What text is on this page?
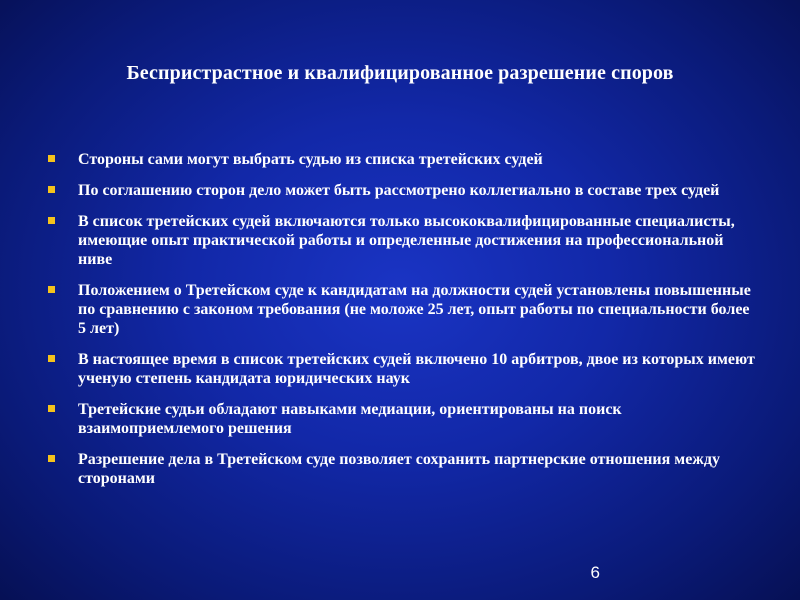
Беспристрастное и квалифицированное разрешение споров
Стороны сами могут выбрать судью из списка третейских судей
По соглашению сторон дело может быть рассмотрено коллегиально в составе трех судей
В список третейских судей включаются только высококвалифицированные специалисты, имеющие опыт практической работы и определенные достижения на профессиональной ниве
Положением о Третейском суде к кандидатам на должности судей установлены повышенные по сравнению с законом требования (не моложе 25 лет, опыт работы по специальности более 5 лет)
В настоящее время в список третейских судей включено 10 арбитров, двое из которых имеют ученую степень кандидата юридических наук
Третейские судьи обладают навыками медиации, ориентированы на поиск взаимоприемлемого решения
Разрешение дела в Третейском суде позволяет сохранить партнерские отношения между сторонами
6
